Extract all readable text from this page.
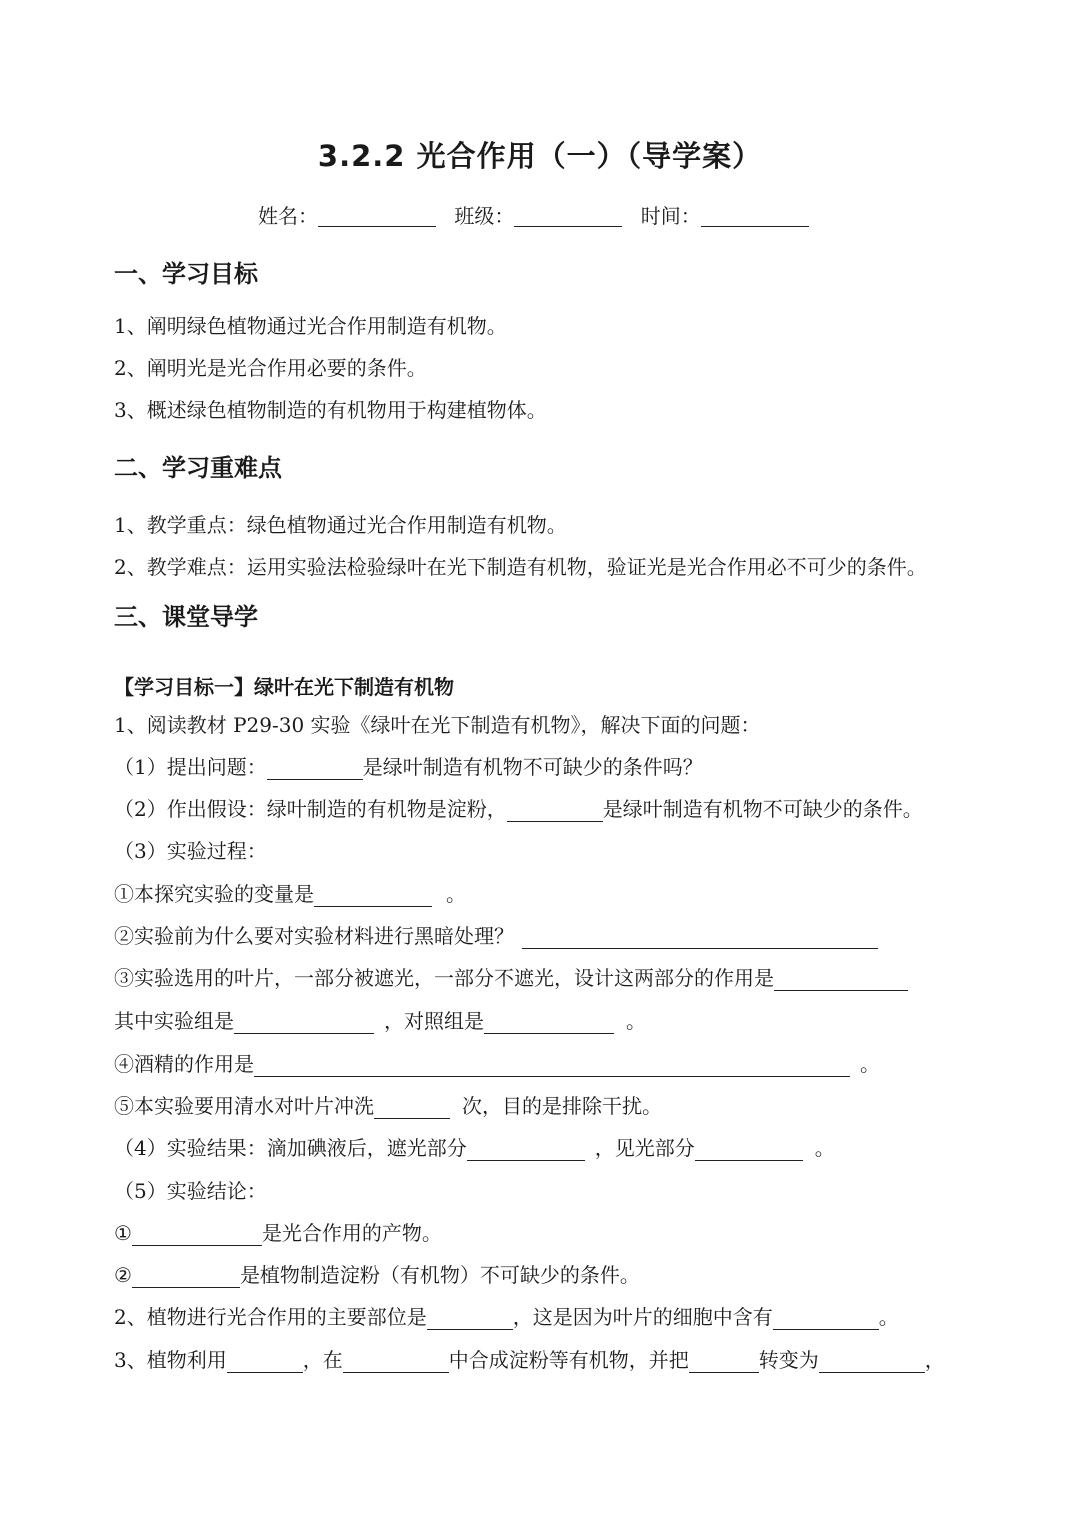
3.2.2 光合作用（一）（导学案）
姓名：	班级：	时间：
一、学习目标
1、阐明绿色植物通过光合作用制造有机物。
2、阐明光是光合作用必要的条件。
3、概述绿色植物制造的有机物用于构建植物体。
二、学习重难点
1、教学重点：绿色植物通过光合作用制造有机物。
2、教学难点：运用实验法检验绿叶在光下制造有机物，验证光是光合作用必不可少的条件。
三、课堂导学
【学习目标一】绿叶在光下制造有机物
1、阅读教材 P29-30 实验《绿叶在光下制造有机物》，解决下面的问题：
（1）提出问题：	是绿叶制造有机物不可缺少的条件吗？
（2）作出假设：绿叶制造的有机物是淀粉，	是绿叶制造有机物不可缺少的条件。
（3）实验过程：
①本探究实验的变量是	。
②实验前为什么要对实验材料进行黑暗处理？
③实验选用的叶片，一部分被遮光，一部分不遮光，设计这两部分的作用是
其中实验组是	，对照组是	。
④酒精的作用是	。
⑤本实验要用清水对叶片冲洗	次，目的是排除干扰。
（4）实验结果：滴加碘液后，遮光部分	，见光部分	。
（5）实验结论：
①	是光合作用的产物。
②	是植物制造淀粉（有机物）不可缺少的条件。
2、植物进行光合作用的主要部位是	，这是因为叶片的细胞中含有	。
3、植物利用	，在	中合成淀粉等有机物，并把	转变为	，
